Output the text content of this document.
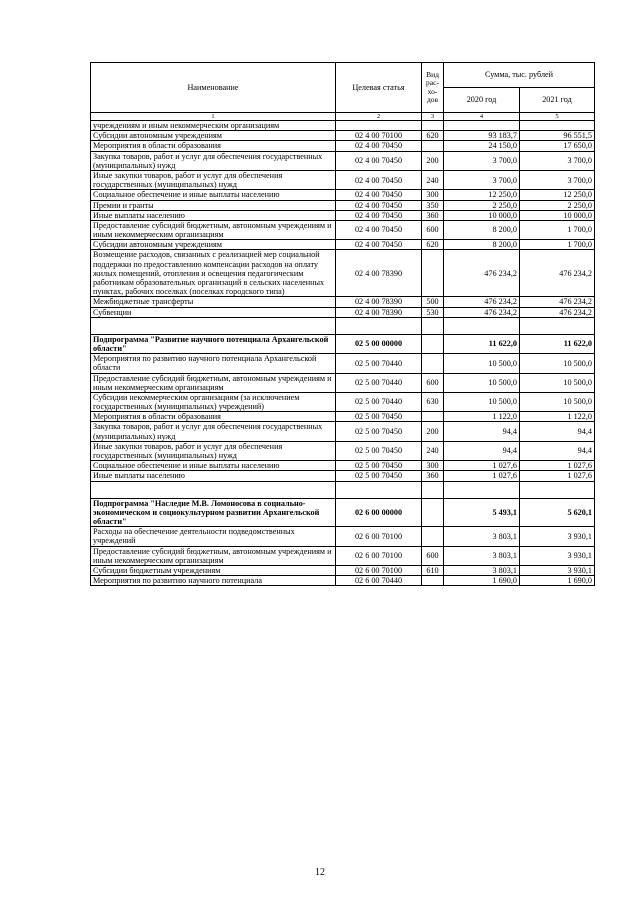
Наименование	Целевая статья	Вид рас- хо- дов	Сумма, тыс. рублей	
			2020 год	2021 год
1	2	3	4	5
учреждениям и иным некоммерческим организациям				
Субсидии автономным учреждениям	02 4 00 70100	620	93 183,7	96 551,5
Мероприятия в области образования	02 4 00 70450		24 150,0	17 650,0
Закупка товаров, работ и услуг для обеспечения государственных (муниципальных) нужд	02 4 00 70450	200	3 700,0	3 700,0
Иные закупки товаров, работ и услуг для обеспечения государственных (муниципальных) нужд	02 4 00 70450	240	3 700,0	3 700,0
Социальное обеспечение и иные выплаты населению	02 4 00 70450	300	12 250,0	12 250,0
Премии и гранты	02 4 00 70450	350	2 250,0	2 250,0
Иные выплаты населению	02 4 00 70450	360	10 000,0	10 000,0
Предоставление субсидий бюджетным, автономным учреждениям и иным некоммерческим организациям	02 4 00 70450	600	8 200,0	1 700,0
Субсидии автономным учреждениям	02 4 00 70450	620	8 200,0	1 700,0
Возмещение расходов, связанных с реализацией мер социальной поддержки по предоставлению компенсации расходов на оплату жилых помещений, отопления и освещения педагогическим работникам образовательных организаций в сельских населенных пунктах, рабочих поселках (поселках городского типа)	02 4 00 78390		476 234,2	476 234,2
Межбюджетные трансферты	02 4 00 78390	500	476 234,2	476 234,2
Субвенции	02 4 00 78390	530	476 234,2	476 234,2

Подпрограмма "Развитие научного потенциала Архангельской области"	02 5 00 00000		11 622,0	11 622,0
Мероприятия по развитию научного потенциала Архангельской области	02 5 00 70440		10 500,0	10 500,0
Предоставление субсидий бюджетным, автономным учреждениям и иным некоммерческим организациям	02 5 00 70440	600	10 500,0	10 500,0
Субсидии некоммерческим организациям (за исключением государственных (муниципальных) учреждений)	02 5 00 70440	630	10 500,0	10 500,0
Мероприятия в области образования	02 5 00 70450		1 122,0	1 122,0
Закупка товаров, работ и услуг для обеспечения государственных (муниципальных) нужд	02 5 00 70450	200	94,4	94,4
Иные закупки товаров, работ и услуг для обеспечения государственных (муниципальных) нужд	02 5 00 70450	240	94,4	94,4
Социальное обеспечение и иные выплаты населению	02 5 00 70450	300	1 027,6	1 027,6
Иные выплаты населению	02 5 00 70450	360	1 027,6	1 027,6

Подпрограмма "Наследие М.В. Ломоносова в социально-экономическом и социокультурном развитии Архангельской области"	02 6 00 00000		5 493,1	5 620,1
Расходы на обеспечение деятельности подведомственных учреждений	02 6 00 70100		3 803,1	3 930,1
Предоставление субсидий бюджетным, автономным учреждениям и иным некоммерческим организациям	02 6 00 70100	600	3 803,1	3 930,1
Субсидии бюджетным учреждениям	02 6 00 70100	610	3 803,1	3 930,1
Мероприятия по развитию научного потенциала	02 6 00 70440		1 690,0	1 690,0
12
